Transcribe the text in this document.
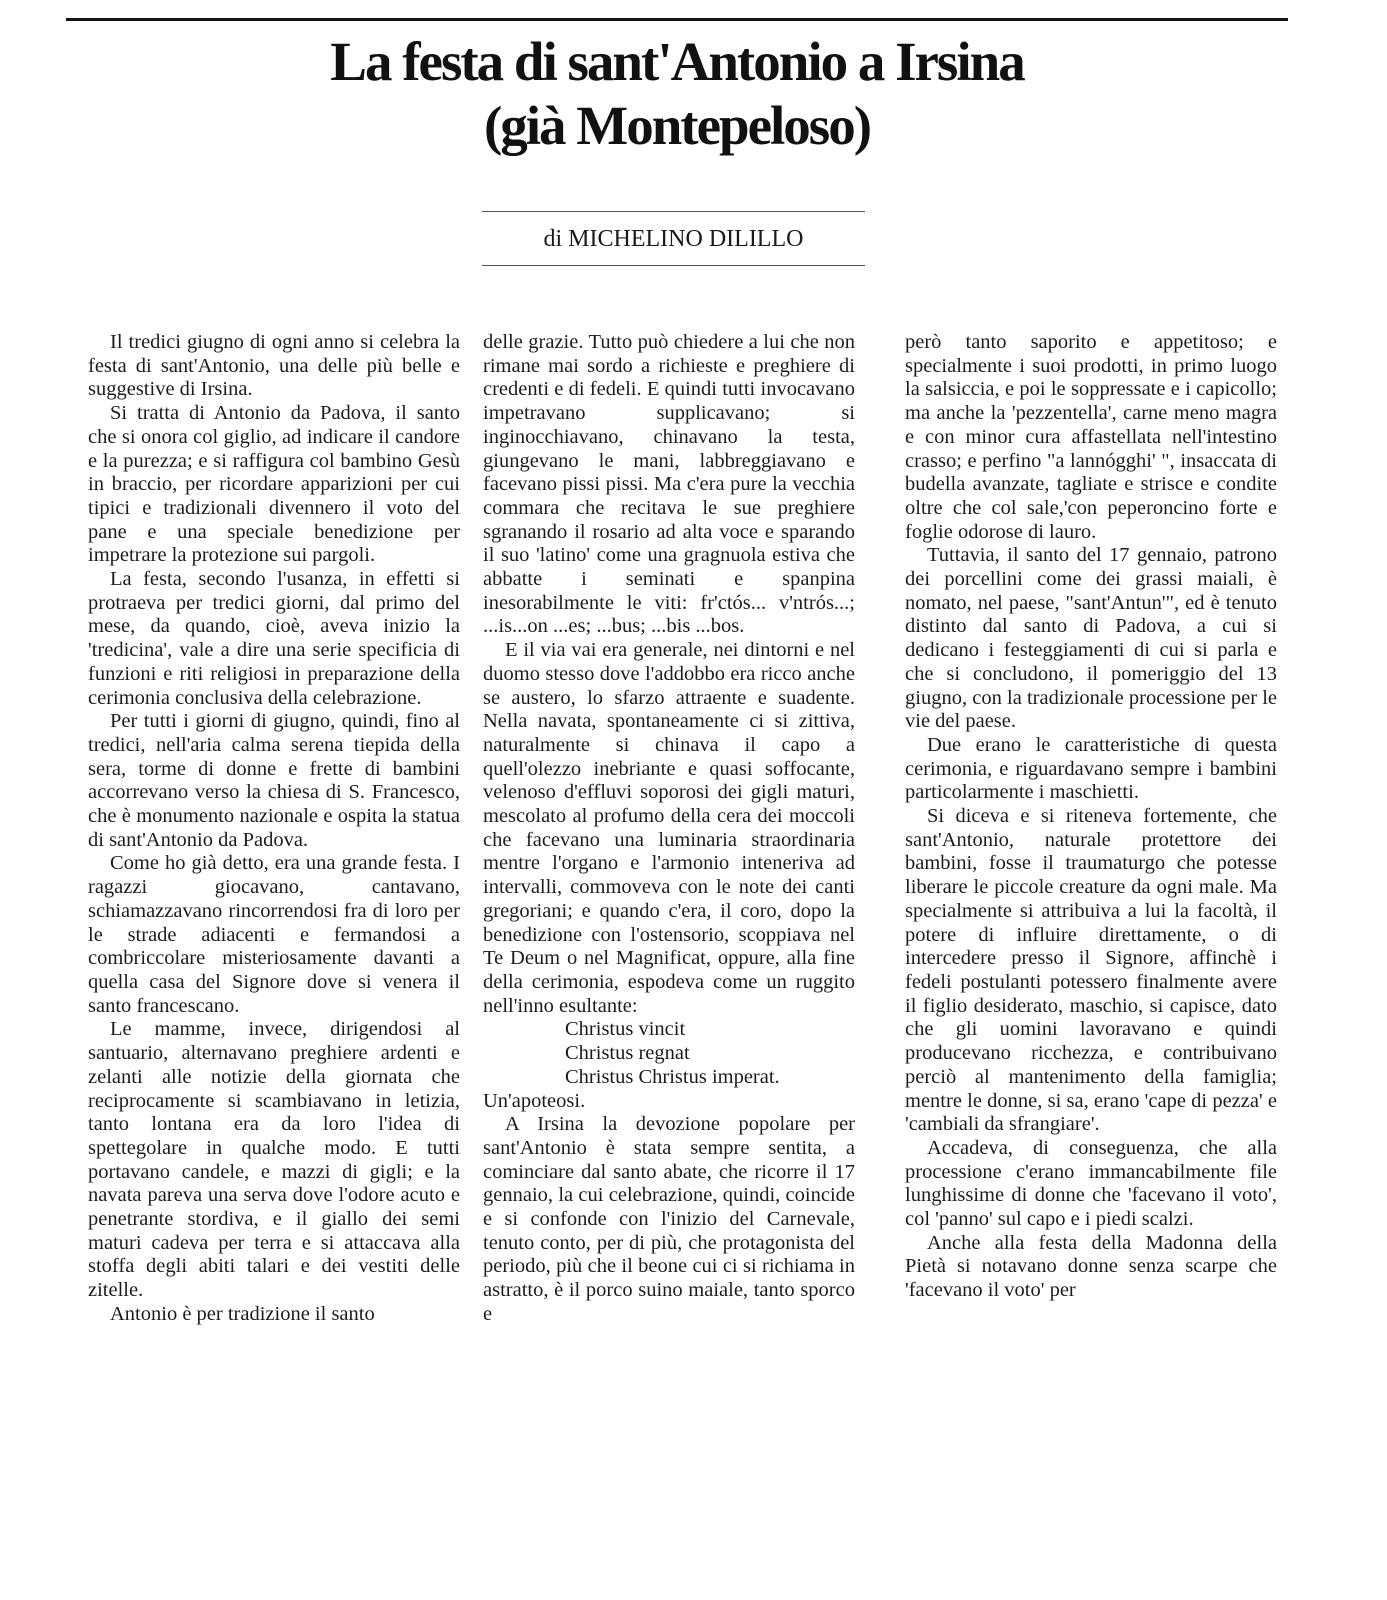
La festa di sant'Antonio a Irsina
(già Montepeloso)
di MICHELINO DILILLO

Il tredici giugno di ogni anno si celebra la festa di sant'Antonio, una delle più belle e suggestive di Irsina.

Si tratta di Antonio da Padova, il santo che si onora col giglio, ad indicare il candore e la purezza; e si raffigura col bambino Gesù in braccio, per ricordare apparizioni per cui tipici e tradizionali divennero il voto del pane e una speciale benedizione per impetrare la protezione sui pargoli.

La festa, secondo l'usanza, in effetti si protraeva per tredici giorni, dal primo del mese, da quando, cioè, aveva inizio la 'tredicina', vale a dire una serie specificia di funzioni e riti religiosi in preparazione della cerimonia conclusiva della celebrazione.

Per tutti i giorni di giugno, quindi, fino al tredici, nell'aria calma serena tiepida della sera, torme di donne e frette di bambini accorrevano verso la chiesa di S. Francesco, che è monumento nazionale e ospita la statua di sant'Antonio da Padova.

Come ho già detto, era una grande festa. I ragazzi giocavano, cantavano, schiamazzavano rincorrendosi fra di loro per le strade adiacenti e fermandosi a combriccolare misteriosamente davanti a quella casa del Signore dove si venera il santo francescano.

Le mamme, invece, dirigendosi al santuario, alternavano preghiere ardenti e zelanti alle notizie della giornata che reciprocamente si scambiavano in letizia, tanto lontana era da loro l'idea di spettegolare in qualche modo. E tutti portavano candele, e mazzi di gigli; e la navata pareva una serva dove l'odore acuto e penetrante stordiva, e il giallo dei semi maturi cadeva per terra e si attaccava alla stoffa degli abiti talari e dei vestiti delle zitelle.

Antonio è per tradizione il santo

delle grazie. Tutto può chiedere a lui che non rimane mai sordo a richieste e preghiere di credenti e di fedeli. E quindi tutti invocavano impetravano supplicavano; si inginocchiavano, chinavano la testa, giungevano le mani, labbreggiavano e facevano pissi pissi. Ma c'era pure la vecchia commara che recitava le sue preghiere sgranando il rosario ad alta voce e sparando il suo 'latino' come una gragnuola estiva che abbatte i seminati e spanpina inesorabilmente le viti: fr'ctós... v'ntrós...; ...is...on ...es; ...bus; ...bis ...bos.

E il via vai era generale, nei dintorni e nel duomo stesso dove l'addobbo era ricco anche se austero, lo sfarzo attraente e suadente. Nella navata, spontaneamente ci si zittiva, naturalmente si chinava il capo a quell'olezzo inebriante e quasi soffocante, velenoso d'effluvi soporosi dei gigli maturi, mescolato al profumo della cera dei moccoli che facevano una luminaria straordinaria mentre l'organo e l'armonio inteneriva ad intervalli, commoveva con le note dei canti gregoriani; e quando c'era, il coro, dopo la benedizione con l'ostensorio, scoppiava nel Te Deum o nel Magnificat, oppure, alla fine della cerimonia, espodeva come un ruggito nell'inno esultante:

Christus vincit

Christus regnat

Christus Christus imperat.

Un'apoteosi.

A Irsina la devozione popolare per sant'Antonio è stata sempre sentita, a cominciare dal santo abate, che ricorre il 17 gennaio, la cui celebrazione, quindi, coincide e si confonde con l'inizio del Carnevale, tenuto conto, per di più, che protagonista del periodo, più che il beone cui ci si richiama in astratto, è il porco suino maiale, tanto sporco e

però tanto saporito e appetitoso; e specialmente i suoi prodotti, in primo luogo la salsiccia, e poi le soppressate e i capicollo; ma anche la 'pezzentella', carne meno magra e con minor cura affastellata nell'intestino crasso; e perfino "a lannógghi' ", insaccata di budella avanzate, tagliate e strisce e condite oltre che col sale,'con peperoncino forte e foglie odorose di lauro.

Tuttavia, il santo del 17 gennaio, patrono dei porcellini come dei grassi maiali, è nomato, nel paese, "sant'Antun'", ed è tenuto distinto dal santo di Padova, a cui si dedicano i festeggiamenti di cui si parla e che si concludono, il pomeriggio del 13 giugno, con la tradizionale processione per le vie del paese.

Due erano le caratteristiche di questa cerimonia, e riguardavano sempre i bambini particolarmente i maschietti.

Si diceva e si riteneva fortemente, che sant'Antonio, naturale protettore dei bambini, fosse il traumaturgo che potesse liberare le piccole creature da ogni male. Ma specialmente si attribuiva a lui la facoltà, il potere di influire direttamente, o di intercedere presso il Signore, affinchè i fedeli postulanti potessero finalmente avere il figlio desiderato, maschio, si capisce, dato che gli uomini lavoravano e quindi producevano ricchezza, e contribuivano perciò al mantenimento della famiglia; mentre le donne, si sa, erano 'cape di pezza' e 'cambiali da sfrangiare'.

Accadeva, di conseguenza, che alla processione c'erano immancabilmente file lunghissime di donne che 'facevano il voto', col 'panno' sul capo e i piedi scalzi.

Anche alla festa della Madonna della Pietà si notavano donne senza scarpe che 'facevano il voto' per
